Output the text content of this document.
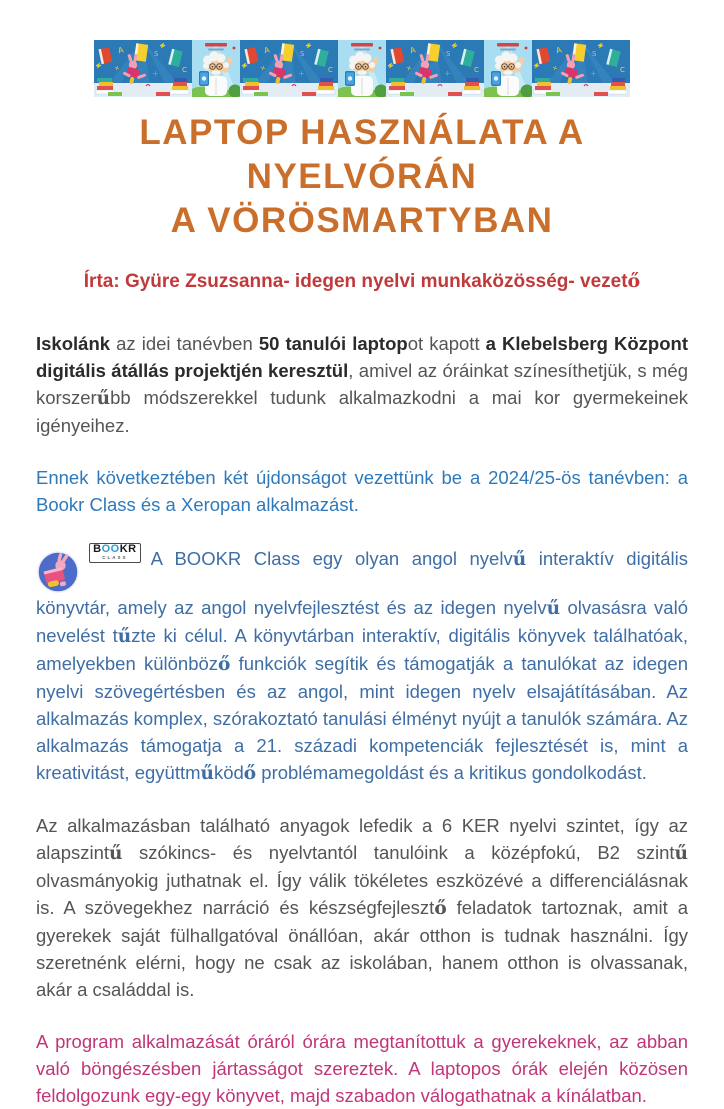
LAPTOP HASZNÁLATA A NYELVÓRÁN
A VÖRÖSMARTYBAN
Írta: Gyüre Zsuzsanna- idegen nyelvi munkaközösség- vezető

Iskolánk az idei tanévben 50 tanulói laptopot kapott a Klebelsberg Központ digitális átállás projektjén keresztül, amivel az óráinkat színesíthetjük, s még korszerűbb módszerekkel tudunk alkalmazkodni a mai kor gyermekeinek igényeihez.

Ennek következtében két újdonságot vezettünk be a 2024/25-ös tanévben: a Bookr Class és a Xeropan alkalmazást.

BOOKR
CLASS	A BOOKR Class egy olyan angol nyelvű interaktív digitális könyvtár, amely az angol nyelvfejlesztést és az idegen nyelvű olvasásra való nevelést tűzte ki célul. A könyvtárban interaktív, digitális könyvek találhatóak, amelyekben különböző funkciók segítik és támogatják a tanulókat az idegen nyelvi szövegértésben és az angol, mint idegen nyelv elsajátításában. Az alkalmazás komplex, szórakoztató tanulási élményt nyújt a tanulók számára. Az alkalmazás támogatja a 21. századi kompetenciák fejlesztését is, mint a kreativitást, együttműködő problémamegoldást és a kritikus gondolkodást.

Az alkalmazásban található anyagok lefedik a 6 KER nyelvi szintet, így az alapszintű szókincs- és nyelvtantól tanulóink a középfokú, B2 szintű olvasmányokig juthatnak el. Így válik tökéletes eszközévé a differenciálásnak is. A szövegekhez narráció és készségfejlesztő feladatok tartoznak, amit a gyerekek saját fülhallgatóval önállóan, akár otthon is tudnak használni. Így szeretnénk elérni, hogy ne csak az iskolában, hanem otthon is olvassanak, akár a családdal is.

A program alkalmazását óráról órára megtanítottuk a gyerekeknek, az abban való böngészésben jártasságot szereztek. A laptopos órák elején közösen feldolgozunk egy-egy könyvet, majd szabadon válogathatnak a kínálatban.
